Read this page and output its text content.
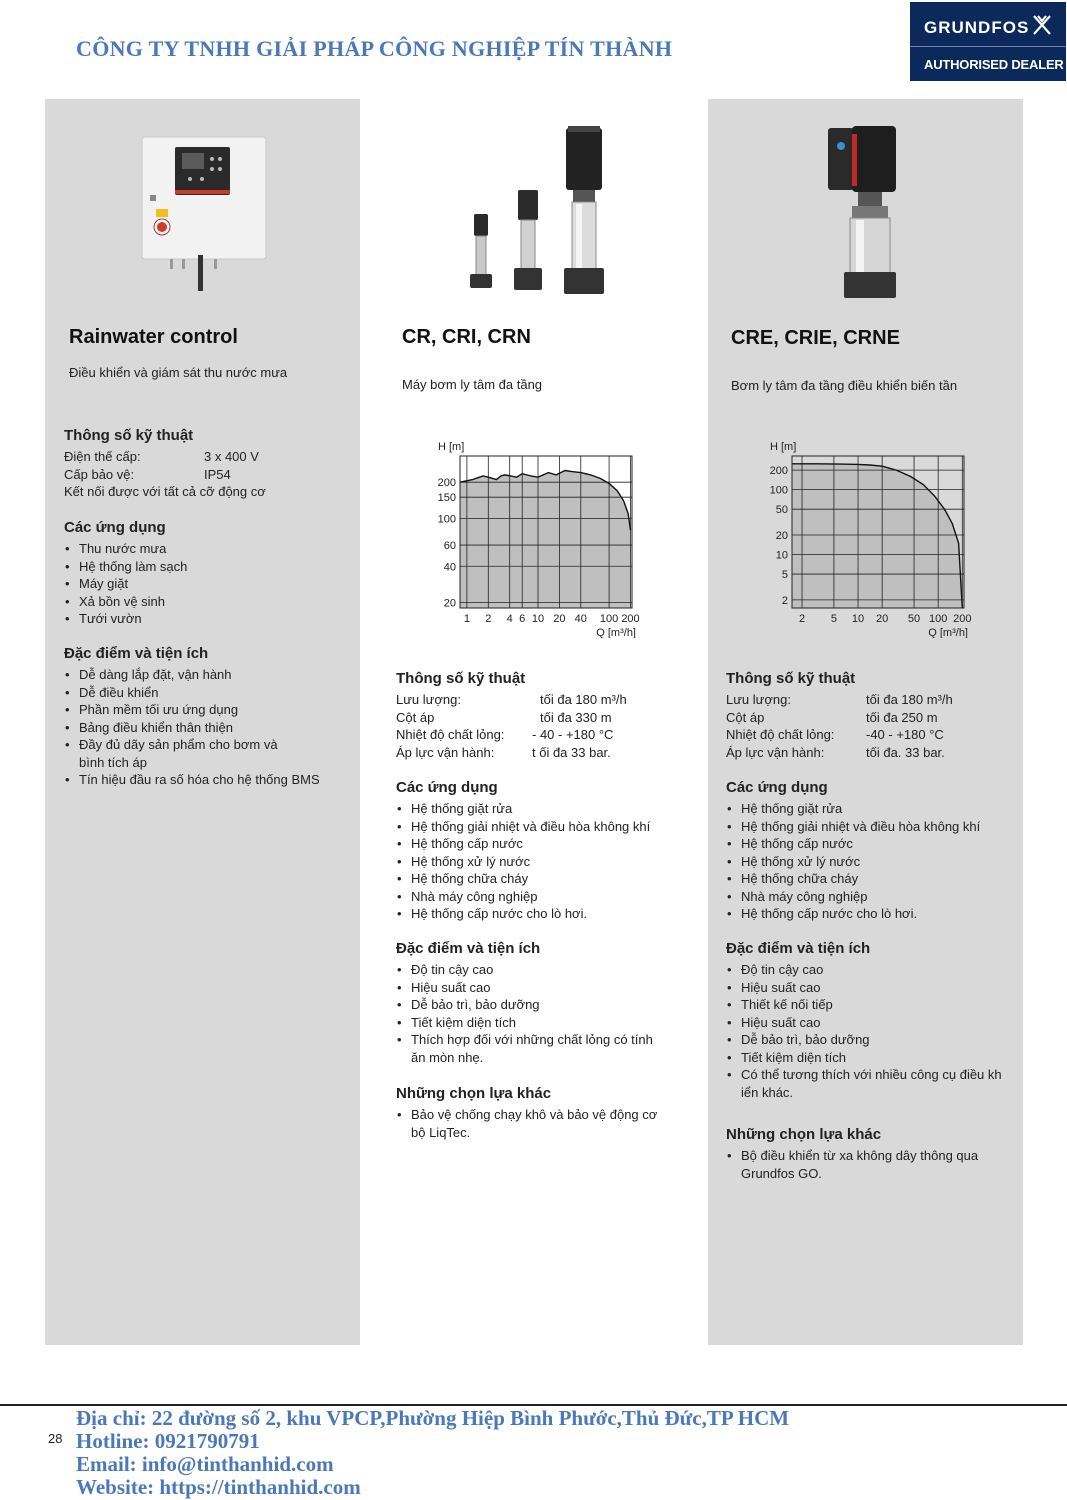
CÔNG TY TNHH GIẢI PHÁP CÔNG NGHIỆP TÍN THÀNH
GRUNDFOS
AUTHORISED DEALER
Rainwater control
Điều khiển và giám sát thu nước mưa
Thông số kỹ thuật
Điện thế cấp:	3 x 400 V
Cấp bảo vệ:	IP54
Kết nối được với tất cả cỡ động cơ
Các ứng dụng
• Thu nước mưa
• Hệ thống làm sạch
• Máy giặt
• Xả bồn vệ sinh
• Tưới vườn
Đặc điểm và tiện ích
• Dễ dàng lắp đặt, vận hành
• Dễ điều khiển
• Phần mềm tối ưu ứng dụng
• Bảng điều khiển thân thiện
• Đầy đủ dãy sản phẩm cho bơm và bình tích áp
• Tín hiệu đầu ra số hóa cho hệ thống BMS
CR, CRI, CRN
Máy bơm ly tâm đa tầng
1 2 4 6 10 20 40 100 200
20
40
60
100
150
200
H [m]
Q [m³/h]
Thông số kỹ thuật
Lưu lượng:	tối đa 180 m³/h
Cột áp	tối đa 330 m
Nhiệt độ chất lỏng: - 40 - +180 °C
Áp lực vận hành:	t ối đa 33 bar.
Các ứng dụng
• Hệ thống giặt rửa
• Hệ thống giải nhiệt và điều hòa không khí
• Hệ thống cấp nước
• Hệ thống xử lý nước
• Hệ thống chữa cháy
• Nhà máy công nghiệp
• Hệ thống cấp nước cho lò hơi.
Đặc điểm và tiện ích
• Độ tin cậy cao
• Hiệu suất cao
• Dễ bảo trì, bảo dưỡng
• Tiết kiệm diện tích
• Thích hợp đối với những chất lỏng có tính ăn mòn nhẹ.
Những chọn lựa khác
• Bảo vệ chống chạy khô và bảo vệ động cơ bộ LiqTec.
CRE, CRIE, CRNE
Bơm ly tâm đa tầng điều khiển biến tần
2 5 10 20 50 100 200
2
5
10
20
50
100
200
H [m]
Q [m³/h]
Thông số kỹ thuật
Lưu lượng:	tối đa 180 m³/h
Cột áp	tối đa 250 m
Nhiệt độ chất lỏng: -40 - +180 °C
Áp lực vận hành:	tối đa. 33 bar.
Các ứng dụng
• Hệ thống giặt rửa
• Hệ thống giải nhiệt và điều hòa không khí
• Hệ thống cấp nước
• Hệ thống xử lý nước
• Hệ thống chữa cháy
• Nhà máy công nghiệp
• Hệ thống cấp nước cho lò hơi.
Đặc điểm và tiện ích
• Độ tin cậy cao
• Hiệu suất cao
• Thiết kế nối tiếp
• Hiệu suất cao
• Dễ bảo trì, bảo dưỡng
• Tiết kiệm diện tích
• Có thể tương thích với nhiều công cụ điều khiển khác.
Những chọn lựa khác
• Bộ điều khiển từ xa không dây thông qua Grundfos GO.
28
Địa chỉ: 22 đường số 2, khu VPCP,Phường Hiệp Bình Phước,Thủ Đức,TP HCM
Hotline: 0921790791
Email: info@tinthanhid.com
Website: https://tinthanhid.com
